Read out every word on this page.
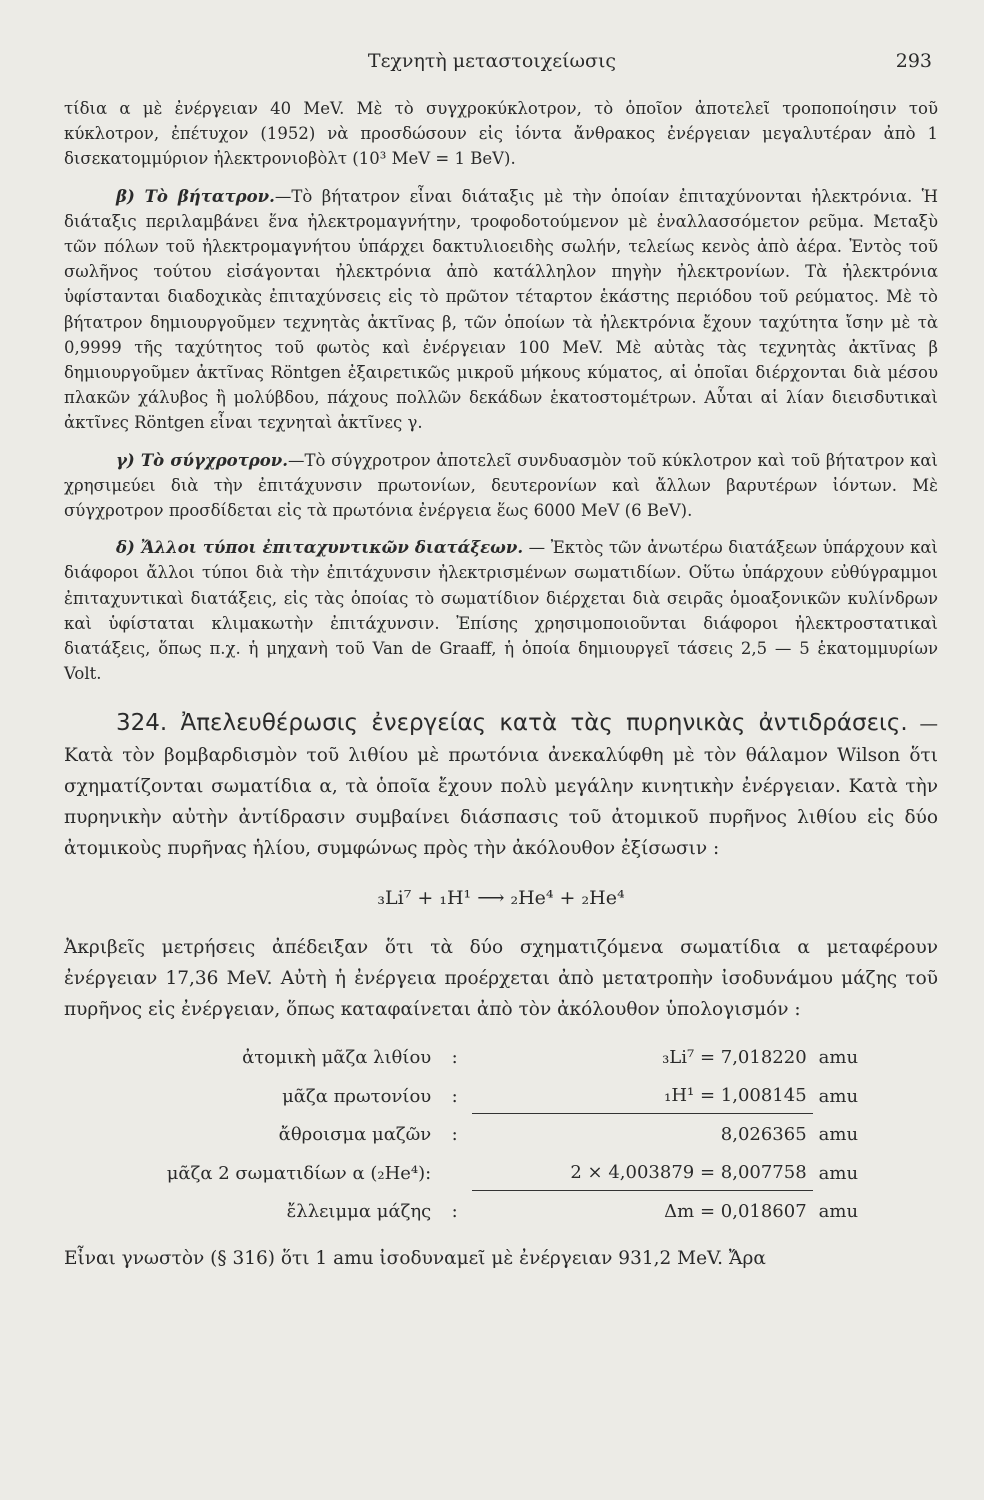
Τεχνητὴ μεταστοιχείωσις	293

τίδια α μὲ ἐνέργειαν 40 MeV. Μὲ τὸ συγχροκύκλοτρον, τὸ ὁποῖον ἀποτελεῖ τροποποίησιν τοῦ κύκλοτρον, ἐπέτυχον (1952) νὰ προσδώσουν εἰς ἰόντα ἄνθρακος ἐνέργειαν μεγαλυτέραν ἀπὸ 1 δισεκατομμύριον ἠλεκτρονιοβὸλτ (10³ MeV = 1 BeV).

β) Τὸ βήτατρον.—Τὸ βήτατρον εἶναι διάταξις μὲ τὴν ὁποίαν ἐπιταχύνονται ἠλεκτρόνια. Ἡ διάταξις περιλαμβάνει ἕνα ἠλεκτρομαγνήτην, τροφοδοτούμενον μὲ ἐναλλασσόμετον ρεῦμα. Μεταξὺ τῶν πόλων τοῦ ἠλεκτρομαγνήτου ὑπάρχει δακτυλιοειδὴς σωλήν, τελείως κενὸς ἀπὸ ἀέρα. Ἐντὸς τοῦ σωλῆνος τούτου εἰσάγονται ἠλεκτρόνια ἀπὸ κατάλληλον πηγὴν ἠλεκτρονίων. Τὰ ἠλεκτρόνια ὑφίστανται διαδοχικὰς ἐπιταχύνσεις εἰς τὸ πρῶτον τέταρτον ἑκάστης περιόδου τοῦ ρεύματος. Μὲ τὸ βήτατρον δημιουργοῦμεν τεχνητὰς ἀκτῖνας β, τῶν ὁποίων τὰ ἠλεκτρόνια ἔχουν ταχύτητα ἴσην μὲ τὰ 0,9999 τῆς ταχύτητος τοῦ φωτὸς καὶ ἐνέργειαν 100 MeV. Μὲ αὐτὰς τὰς τεχνητὰς ἀκτῖνας β δημιουργοῦμεν ἀκτῖνας Röntgen ἐξαιρετικῶς μικροῦ μήκους κύματος, αἱ ὁποῖαι διέρχονται διὰ μέσου πλακῶν χάλυβος ἢ μολύβδου, πάχους πολλῶν δεκάδων ἑκατοστομέτρων. Αὗται αἱ λίαν διεισδυτικαὶ ἀκτῖνες Röntgen εἶναι τεχνηταὶ ἀκτῖνες γ.

γ) Τὸ σύγχροτρον.—Τὸ σύγχροτρον ἀποτελεῖ συνδυασμὸν τοῦ κύκλοτρον καὶ τοῦ βήτατρον καὶ χρησιμεύει διὰ τὴν ἐπιτάχυνσιν πρωτονίων, δευτερονίων καὶ ἄλλων βαρυτέρων ἰόντων. Μὲ σύγχροτρον προσδίδεται εἰς τὰ πρωτόνια ἐνέργεια ἕως 6000 MeV (6 BeV).

δ) Ἄλλοι τύποι ἐπιταχυντικῶν διατάξεων. — Ἐκτὸς τῶν ἀνωτέρω διατάξεων ὑπάρχουν καὶ διάφοροι ἄλλοι τύποι διὰ τὴν ἐπιτάχυνσιν ἠλεκτρισμένων σωματιδίων. Οὕτω ὑπάρχουν εὐθύγραμμοι ἐπιταχυντικαὶ διατάξεις, εἰς τὰς ὁποίας τὸ σωματίδιον διέρχεται διὰ σειρᾶς ὁμοαξονικῶν κυλίνδρων καὶ ὑφίσταται κλιμακωτὴν ἐπιτάχυνσιν. Ἐπίσης χρησιμοποιοῦνται διάφοροι ἠλεκτροστατικαὶ διατάξεις, ὅπως π.χ. ἡ μηχανὴ τοῦ Van de Graaff, ἡ ὁποία δημιουργεῖ τάσεις 2,5 — 5 ἑκατομμυρίων Volt.

324. Ἀπελευθέρωσις ἐνεργείας κατὰ τὰς πυρηνικὰς ἀντιδράσεις. — Κατὰ τὸν βομβαρδισμὸν τοῦ λιθίου μὲ πρωτόνια ἀνεκαλύφθη μὲ τὸν θάλαμον Wilson ὅτι σχηματίζονται σωματίδια α, τὰ ὁποῖα ἔχουν πολὺ μεγάλην κινητικὴν ἐνέργειαν. Κατὰ τὴν πυρηνικὴν αὐτὴν ἀντίδρασιν συμβαίνει διάσπασις τοῦ ἀτομικοῦ πυρῆνος λιθίου εἰς δύο ἀτομικοὺς πυρῆνας ἡλίου, συμφώνως πρὸς τὴν ἀκόλουθον ἐξίσωσιν :

₃Li⁷ + ₁H¹ ⟶ ₂He⁴ + ₂He⁴

Ἀκριβεῖς μετρήσεις ἀπέδειξαν ὅτι τὰ δύο σχηματιζόμενα σωματίδια α μεταφέρουν ἐνέργειαν 17,36 MeV. Αὐτὴ ἡ ἐνέργεια προέρχεται ἀπὸ μετατροπὴν ἰσοδυνάμου μάζης τοῦ πυρῆνος εἰς ἐνέργειαν, ὅπως καταφαίνεται ἀπὸ τὸν ἀκόλουθον ὑπολογισμόν :

ἀτομικὴ μᾶζα λιθίου	:	₃Li⁷ = 7,018220	amu
μᾶζα πρωτονίου	:	₁H¹ = 1,008145	amu
ἄθροισμα μαζῶν	:	8,026365	amu
μᾶζα 2 σωματιδίων α (₂He⁴):		2 × 4,003879 = 8,007758	amu
ἔλλειμμα μάζης	:	Δm = 0,018607	amu

Εἶναι γνωστὸν (§ 316) ὅτι 1 amu ἰσοδυναμεῖ μὲ ἐνέργειαν 931,2 MeV. Ἄρα
